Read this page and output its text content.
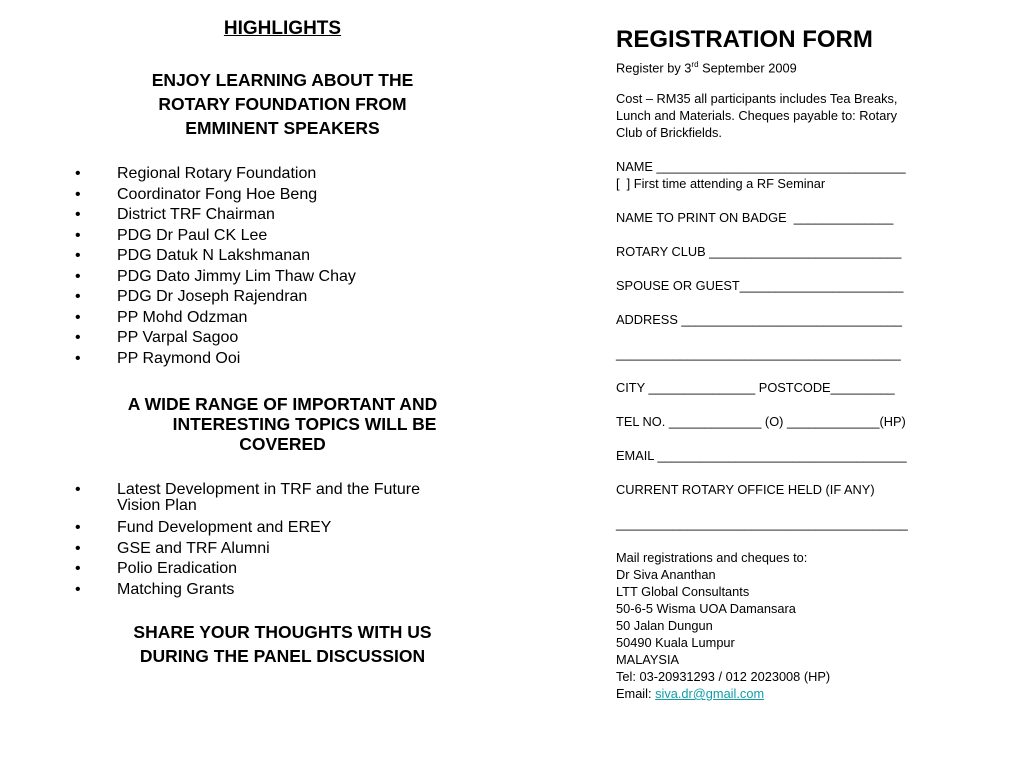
HIGHLIGHTS

ENJOY LEARNING ABOUT THE

ROTARY FOUNDATION FROM

EMMINENT SPEAKERS

• Regional Rotary Foundation
• Coordinator Fong Hoe Beng
• District TRF Chairman
• PDG Dr Paul CK Lee
• PDG Datuk N Lakshmanan
• PDG Dato Jimmy Lim Thaw Chay
• PDG Dr Joseph Rajendran
• PP Mohd Odzman
• PP Varpal Sagoo
• PP Raymond Ooi

A WIDE RANGE OF IMPORTANT AND

INTERESTING TOPICS WILL BE

COVERED

• Latest Development in TRF and the Future Vision Plan
• Fund Development and EREY
• GSE and TRF Alumni
• Polio Eradication
• Matching Grants

SHARE YOUR THOUGHTS WITH US

DURING THE PANEL DISCUSSION

REGISTRATION FORM

Register by 3rd September 2009

Cost – RM35 all participants includes Tea Breaks,

Lunch and Materials. Cheques payable to: Rotary

Club of Brickfields.

NAME ___________________________________

[  ] First time attending a RF Seminar

NAME TO PRINT ON BADGE  ______________

ROTARY CLUB ___________________________

SPOUSE OR GUEST_______________________

ADDRESS _______________________________

________________________________________

CITY _______________ POSTCODE_________

TEL NO. _____________ (O) _____________(HP)

EMAIL ___________________________________

CURRENT ROTARY OFFICE HELD (IF ANY)

_________________________________________

Mail registrations and cheques to:

Dr Siva Ananthan

LTT Global Consultants

50-6-5 Wisma UOA Damansara

50 Jalan Dungun

50490 Kuala Lumpur

MALAYSIA

Tel: 03-20931293 / 012 2023008 (HP)

Email: siva.dr@gmail.com
